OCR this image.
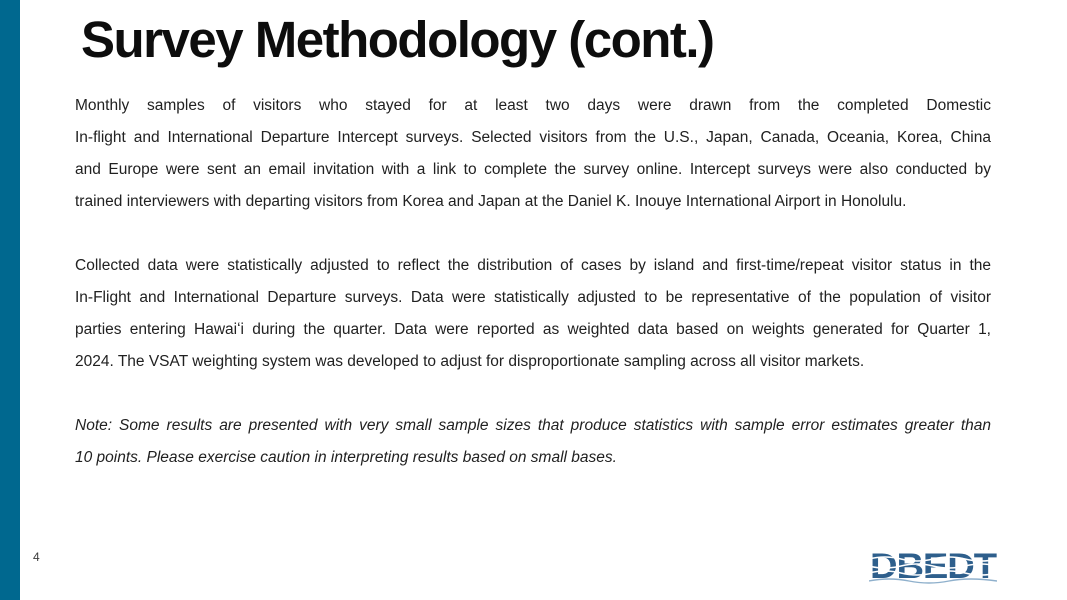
Survey Methodology (cont.)
Monthly samples of visitors who stayed for at least two days were drawn from the completed Domestic
In-flight and International Departure Intercept surveys. Selected visitors from the U.S., Japan, Canada, Oceania, Korea, China
and Europe were sent an email invitation with a link to complete the survey online. Intercept surveys were also conducted by
trained interviewers with departing visitors from Korea and Japan at the Daniel K. Inouye International Airport in Honolulu.
Collected data were statistically adjusted to reflect the distribution of cases by island and first-time/repeat visitor status in the
In-Flight and International Departure surveys. Data were statistically adjusted to be representative of the population of visitor
parties entering Hawaiʻi during the quarter. Data were reported as weighted data based on weights generated for Quarter 1,
2024. The VSAT weighting system was developed to adjust for disproportionate sampling across all visitor markets.
Note: Some results are presented with very small sample sizes that produce statistics with sample error estimates greater than
10 points. Please exercise caution in interpreting results based on small bases.
4	DBEDT
